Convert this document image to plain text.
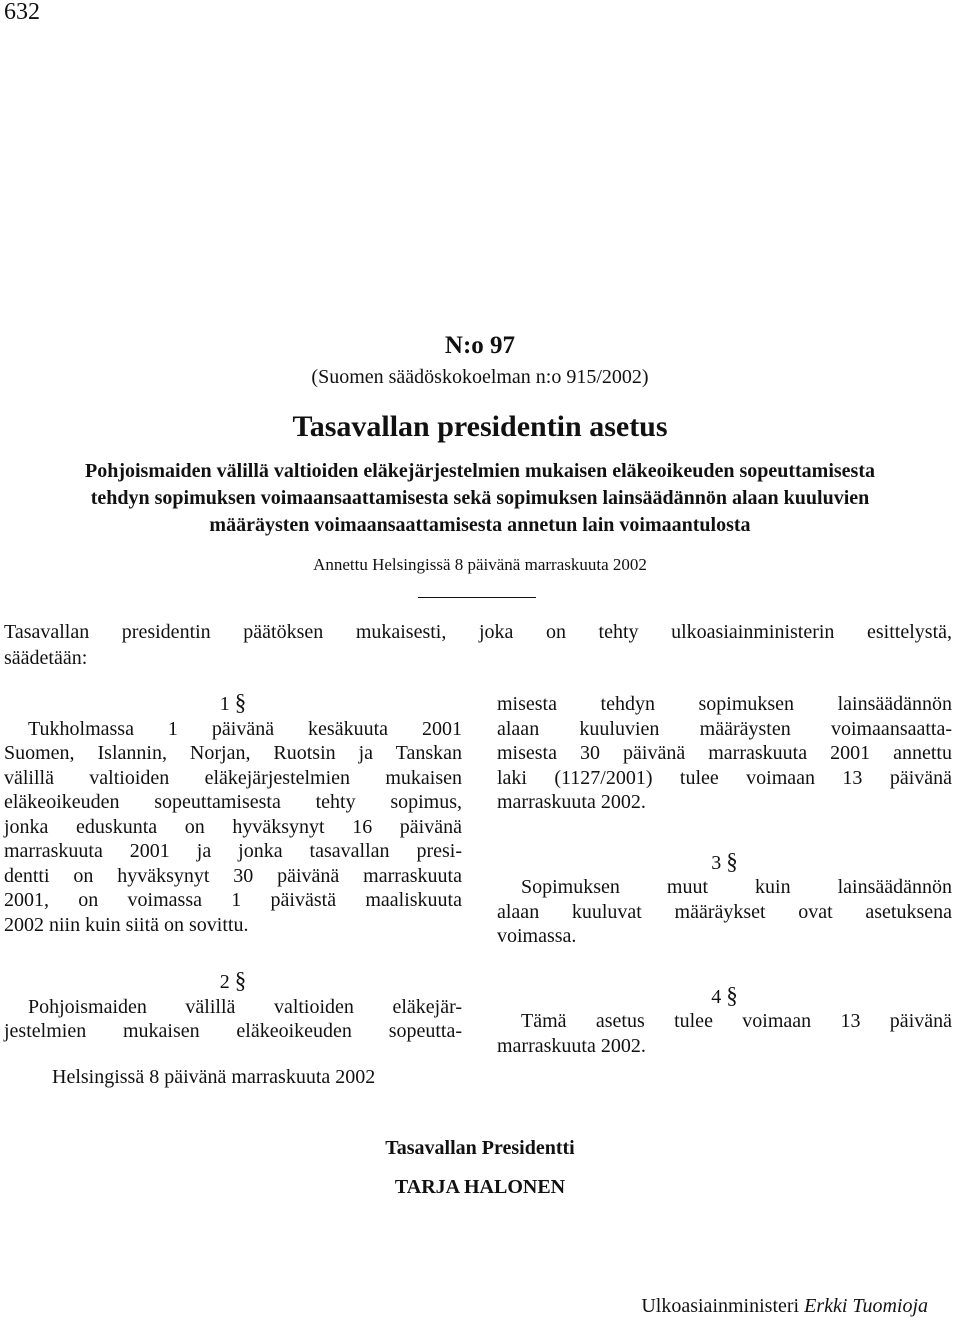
632
N:o 97
(Suomen säädöskokoelman n:o 915/2002)
Tasavallan presidentin asetus
Pohjoismaiden välillä valtioiden eläkejärjestelmien mukaisen eläkeoikeuden sopeuttamisesta
tehdyn sopimuksen voimaansaattamisesta sekä sopimuksen lainsäädännön alaan kuuluvien
määräysten voimaansaattamisesta annetun lain voimaantulosta
Annettu Helsingissä 8 päivänä marraskuuta 2002
Tasavallan presidentin päätöksen mukaisesti, joka on tehty ulkoasiainministerin esittelystä,
säädetään:
1 §
Tukholmassa 1 päivänä kesäkuuta 2001
Suomen, Islannin, Norjan, Ruotsin ja Tanskan
välillä valtioiden eläkejärjestelmien mukaisen
eläkeoikeuden sopeuttamisesta tehty sopimus,
jonka eduskunta on hyväksynyt 16 päivänä
marraskuuta 2001 ja jonka tasavallan presi-
dentti on hyväksynyt 30 päivänä marraskuuta
2001, on voimassa 1 päivästä maaliskuuta
2002 niin kuin siitä on sovittu.
2 §
Pohjoismaiden välillä valtioiden eläkejär-
jestelmien mukaisen eläkeoikeuden sopeutta-
misesta tehdyn sopimuksen lainsäädännön
alaan kuuluvien määräysten voimaansaatta-
misesta 30 päivänä marraskuuta 2001 annettu
laki (1127/2001) tulee voimaan 13 päivänä
marraskuuta 2002.
3 §
Sopimuksen muut kuin lainsäädännön
alaan kuuluvat määräykset ovat asetuksena
voimassa.
4 §
Tämä asetus tulee voimaan 13 päivänä
marraskuuta 2002.
Helsingissä 8 päivänä marraskuuta 2002
Tasavallan Presidentti
TARJA HALONEN
Ulkoasiainministeri Erkki Tuomioja
